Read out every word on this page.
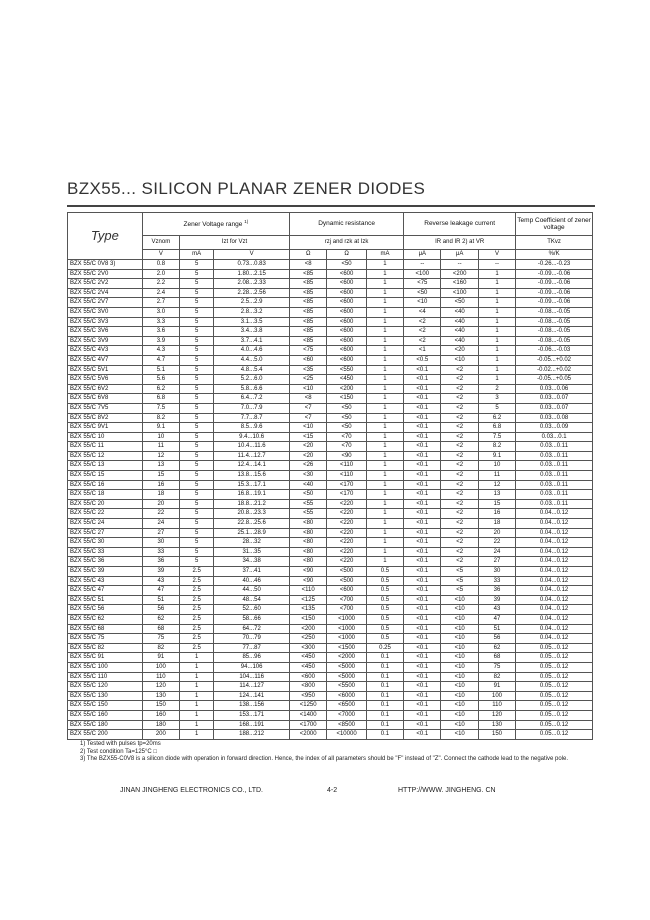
BZX55... SILICON PLANAR ZENER DIODES
Type	Zener Voltage range $^{1)}$			Dynamic resistance			Reverse leakage current			Temp Coefficient of zener voltage
	Vznom	Izt for Vzt		rzj and rzk at Izk			IR and IR 2) at VR			TKvz
	V	mA	V	Ω	Ω	mA	μA	μA	V	%/K
BZX 55/C 0V8 3)	0.8	5	0.73...0.83	<8	<50	1	--	--	--	-0.26...-0.23
BZX 55/C 2V0	2.0	5	1.80...2.15	<85	<600	1	<100	<200	1	-0.09...-0.06
BZX 55/C 2V2	2.2	5	2.08...2.33	<85	<600	1	<75	<160	1	-0.09...-0.06
BZX 55/C 2V4	2.4	5	2.28...2.56	<85	<600	1	<50	<100	1	-0.09...-0.06
BZX 55/C 2V7	2.7	5	2.5...2.9	<85	<600	1	<10	<50	1	-0.09...-0.06
BZX 55/C 3V0	3.0	5	2.8...3.2	<85	<600	1	<4	<40	1	-0.08...-0.05
BZX 55/C 3V3	3.3	5	3.1...3.5	<85	<600	1	<2	<40	1	-0.08...-0.05
BZX 55/C 3V6	3.6	5	3.4...3.8	<85	<600	1	<2	<40	1	-0.08...-0.05
BZX 55/C 3V9	3.9	5	3.7...4.1	<85	<600	1	<2	<40	1	-0.08...-0.05
BZX 55/C 4V3	4.3	5	4.0...4.6	<75	<600	1	<1	<20	1	-0.06...-0.03
BZX 55/C 4V7	4.7	5	4.4...5.0	<60	<600	1	<0.5	<10	1	-0.05...+0.02
BZX 55/C 5V1	5.1	5	4.8...5.4	<35	<550	1	<0.1	<2	1	-0.02...+0.02
BZX 55/C 5V6	5.6	5	5.2...6.0	<25	<450	1	<0.1	<2	1	-0.05...+0.05
BZX 55/C 6V2	6.2	5	5.8...6.6	<10	<200	1	<0.1	<2	2	0.03...0.06
BZX 55/C 6V8	6.8	5	6.4...7.2	<8	<150	1	<0.1	<2	3	0.03...0.07
BZX 55/C 7V5	7.5	5	7.0...7.9	<7	<50	1	<0.1	<2	5	0.03...0.07
BZX 55/C 8V2	8.2	5	7.7...8.7	<7	<50	1	<0.1	<2	6.2	0.03...0.08
BZX 55/C 9V1	9.1	5	8.5...9.6	<10	<50	1	<0.1	<2	6.8	0.03...0.09
BZX 55/C 10	10	5	9.4...10.6	<15	<70	1	<0.1	<2	7.5	0.03...0.1
BZX 55/C 11	11	5	10.4...11.6	<20	<70	1	<0.1	<2	8.2	0.03...0.11
BZX 55/C 12	12	5	11.4...12.7	<20	<90	1	<0.1	<2	9.1	0.03...0.11
BZX 55/C 13	13	5	12.4...14.1	<26	<110	1	<0.1	<2	10	0.03...0.11
BZX 55/C 15	15	5	13.8...15.6	<30	<110	1	<0.1	<2	11	0.03...0.11
BZX 55/C 16	16	5	15.3...17.1	<40	<170	1	<0.1	<2	12	0.03...0.11
BZX 55/C 18	18	5	16.8...19.1	<50	<170	1	<0.1	<2	13	0.03...0.11
BZX 55/C 20	20	5	18.8...21.2	<55	<220	1	<0.1	<2	15	0.03...0.11
BZX 55/C 22	22	5	20.8...23.3	<55	<220	1	<0.1	<2	16	0.04...0.12
BZX 55/C 24	24	5	22.8...25.6	<80	<220	1	<0.1	<2	18	0.04...0.12
BZX 55/C 27	27	5	25.1...28.9	<80	<220	1	<0.1	<2	20	0.04...0.12
BZX 55/C 30	30	5	28...32	<80	<220	1	<0.1	<2	22	0.04...0.12
BZX 55/C 33	33	5	31...35	<80	<220	1	<0.1	<2	24	0.04...0.12
BZX 55/C 36	36	5	34...38	<80	<220	1	<0.1	<2	27	0.04...0.12
BZX 55/C 39	39	2.5	37...41	<90	<500	0.5	<0.1	<5	30	0.04...0.12
BZX 55/C 43	43	2.5	40...46	<90	<500	0.5	<0.1	<5	33	0.04...0.12
BZX 55/C 47	47	2.5	44...50	<110	<600	0.5	<0.1	<5	36	0.04...0.12
BZX 55/C 51	51	2.5	48...54	<125	<700	0.5	<0.1	<10	39	0.04...0.12
BZX 55/C 56	56	2.5	52...60	<135	<700	0.5	<0.1	<10	43	0.04...0.12
BZX 55/C 62	62	2.5	58...66	<150	<1000	0.5	<0.1	<10	47	0.04...0.12
BZX 55/C 68	68	2.5	64...72	<200	<1000	0.5	<0.1	<10	51	0.04...0.12
BZX 55/C 75	75	2.5	70...79	<250	<1000	0.5	<0.1	<10	56	0.04...0.12
BZX 55/C 82	82	2.5	77...87	<300	<1500	0.25	<0.1	<10	62	0.05...0.12
BZX 55/C 91	91	1	85...96	<450	<2000	0.1	<0.1	<10	68	0.05...0.12
BZX 55/C 100	100	1	94...106	<450	<5000	0.1	<0.1	<10	75	0.05...0.12
BZX 55/C 110	110	1	104...116	<600	<5000	0.1	<0.1	<10	82	0.05...0.12
BZX 55/C 120	120	1	114...127	<800	<5500	0.1	<0.1	<10	91	0.05...0.12
BZX 55/C 130	130	1	124...141	<950	<6000	0.1	<0.1	<10	100	0.05...0.12
BZX 55/C 150	150	1	138...156	<1250	<6500	0.1	<0.1	<10	110	0.05...0.12
BZX 55/C 160	160	1	153...171	<1400	<7000	0.1	<0.1	<10	120	0.05...0.12
BZX 55/C 180	180	1	168...191	<1700	<8500	0.1	<0.1	<10	130	0.05...0.12
BZX 55/C 200	200	1	188...212	<2000	<10000	0.1	<0.1	<10	150	0.05...0.12
1) Tested with pulses tp=20ms
2) Test condition Ta=125°C □
3) The BZX55-C0V8 is a silicon diode with operation in forward direction. Hence, the index of all parameters should be "F" instead of "Z". Connect the cathode lead to the negative pole.
JINAN JINGHENG ELECTRONICS CO., LTD.	4-2	HTTP://WWW. JINGHENG. CN
